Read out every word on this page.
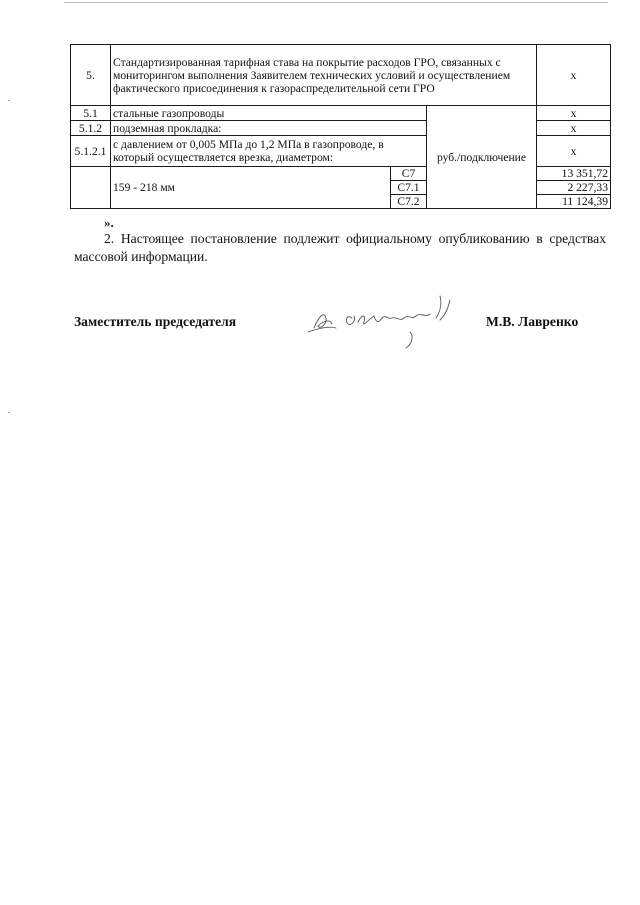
5.	Стандартизированная тарифная става на покрытие расходов ГРО, связанных с мониторингом выполнения Заявителем технических условий и осуществлением фактического присоединения к газораспределительной сети ГРО			х
5.1	стальные газопроводы		руб./подключение	х
5.1.2	подземная прокладка:			х
5.1.2.1	с давлением от 0,005 МПа до 1,2 МПа в газопроводе, в который осуществляется врезка, диаметром:			х
	159 - 218 мм	С7		13 351,72
		С7.1		2 227,33
		С7.2		11 124,39
».
2. Настоящее постановление подлежит официальному опубликованию в средствах массовой информации.
Заместитель председателя	М.В. Лавренко
